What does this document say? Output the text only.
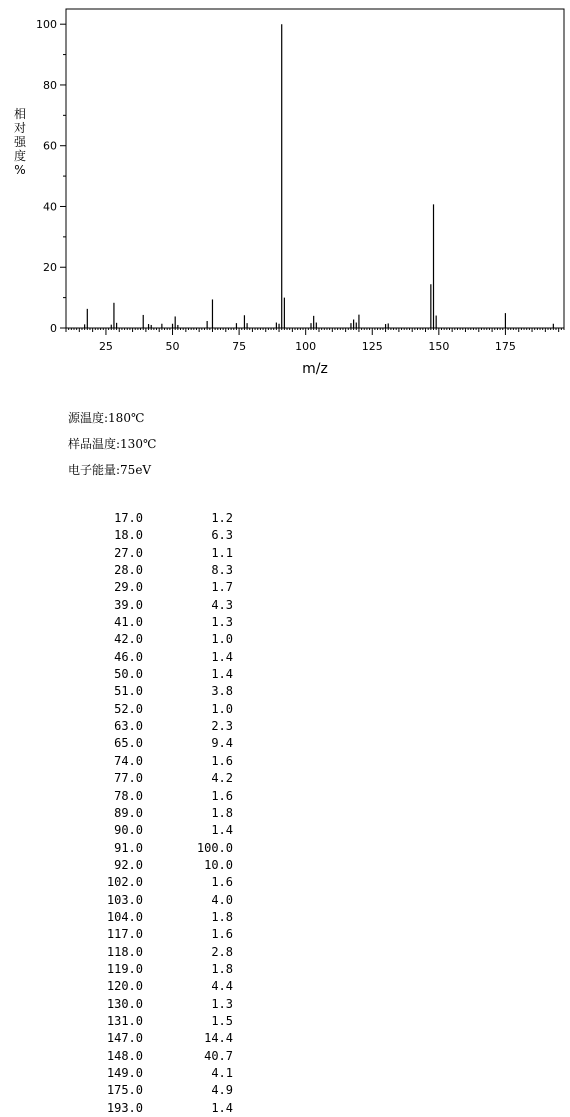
0
20
40
60
80
100
25	50	75	100	125	150	175
m/z
相
对
强
度
%
源温度:180℃
样品温度:130℃
电子能量:75eV
17.0	1.2
18.0	6.3
27.0	1.1
28.0	8.3
29.0	1.7
39.0	4.3
41.0	1.3
42.0	1.0
46.0	1.4
50.0	1.4
51.0	3.8
52.0	1.0
63.0	2.3
65.0	9.4
74.0	1.6
77.0	4.2
78.0	1.6
89.0	1.8
90.0	1.4
91.0	100.0
92.0	10.0
102.0	1.6
103.0	4.0
104.0	1.8
117.0	1.6
118.0	2.8
119.0	1.8
120.0	4.4
130.0	1.3
131.0	1.5
147.0	14.4
148.0	40.7
149.0	4.1
175.0	4.9
193.0	1.4
